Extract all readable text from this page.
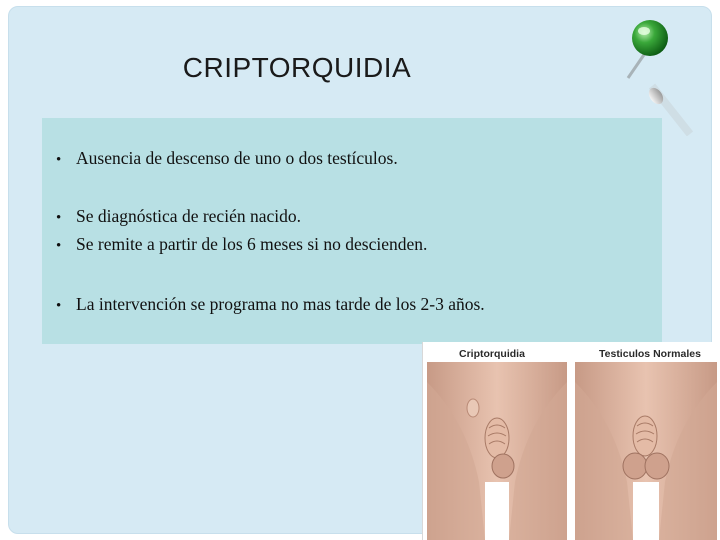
CRIPTORQUIDIA
• Ausencia de descenso de uno o dos testículos.
• Se diagnóstica de recién nacido.
• Se remite a partir de los 6 meses si no descienden.
• La intervención se programa no mas tarde de los 2-3 años.
Criptorquidia	Testiculos Normales
